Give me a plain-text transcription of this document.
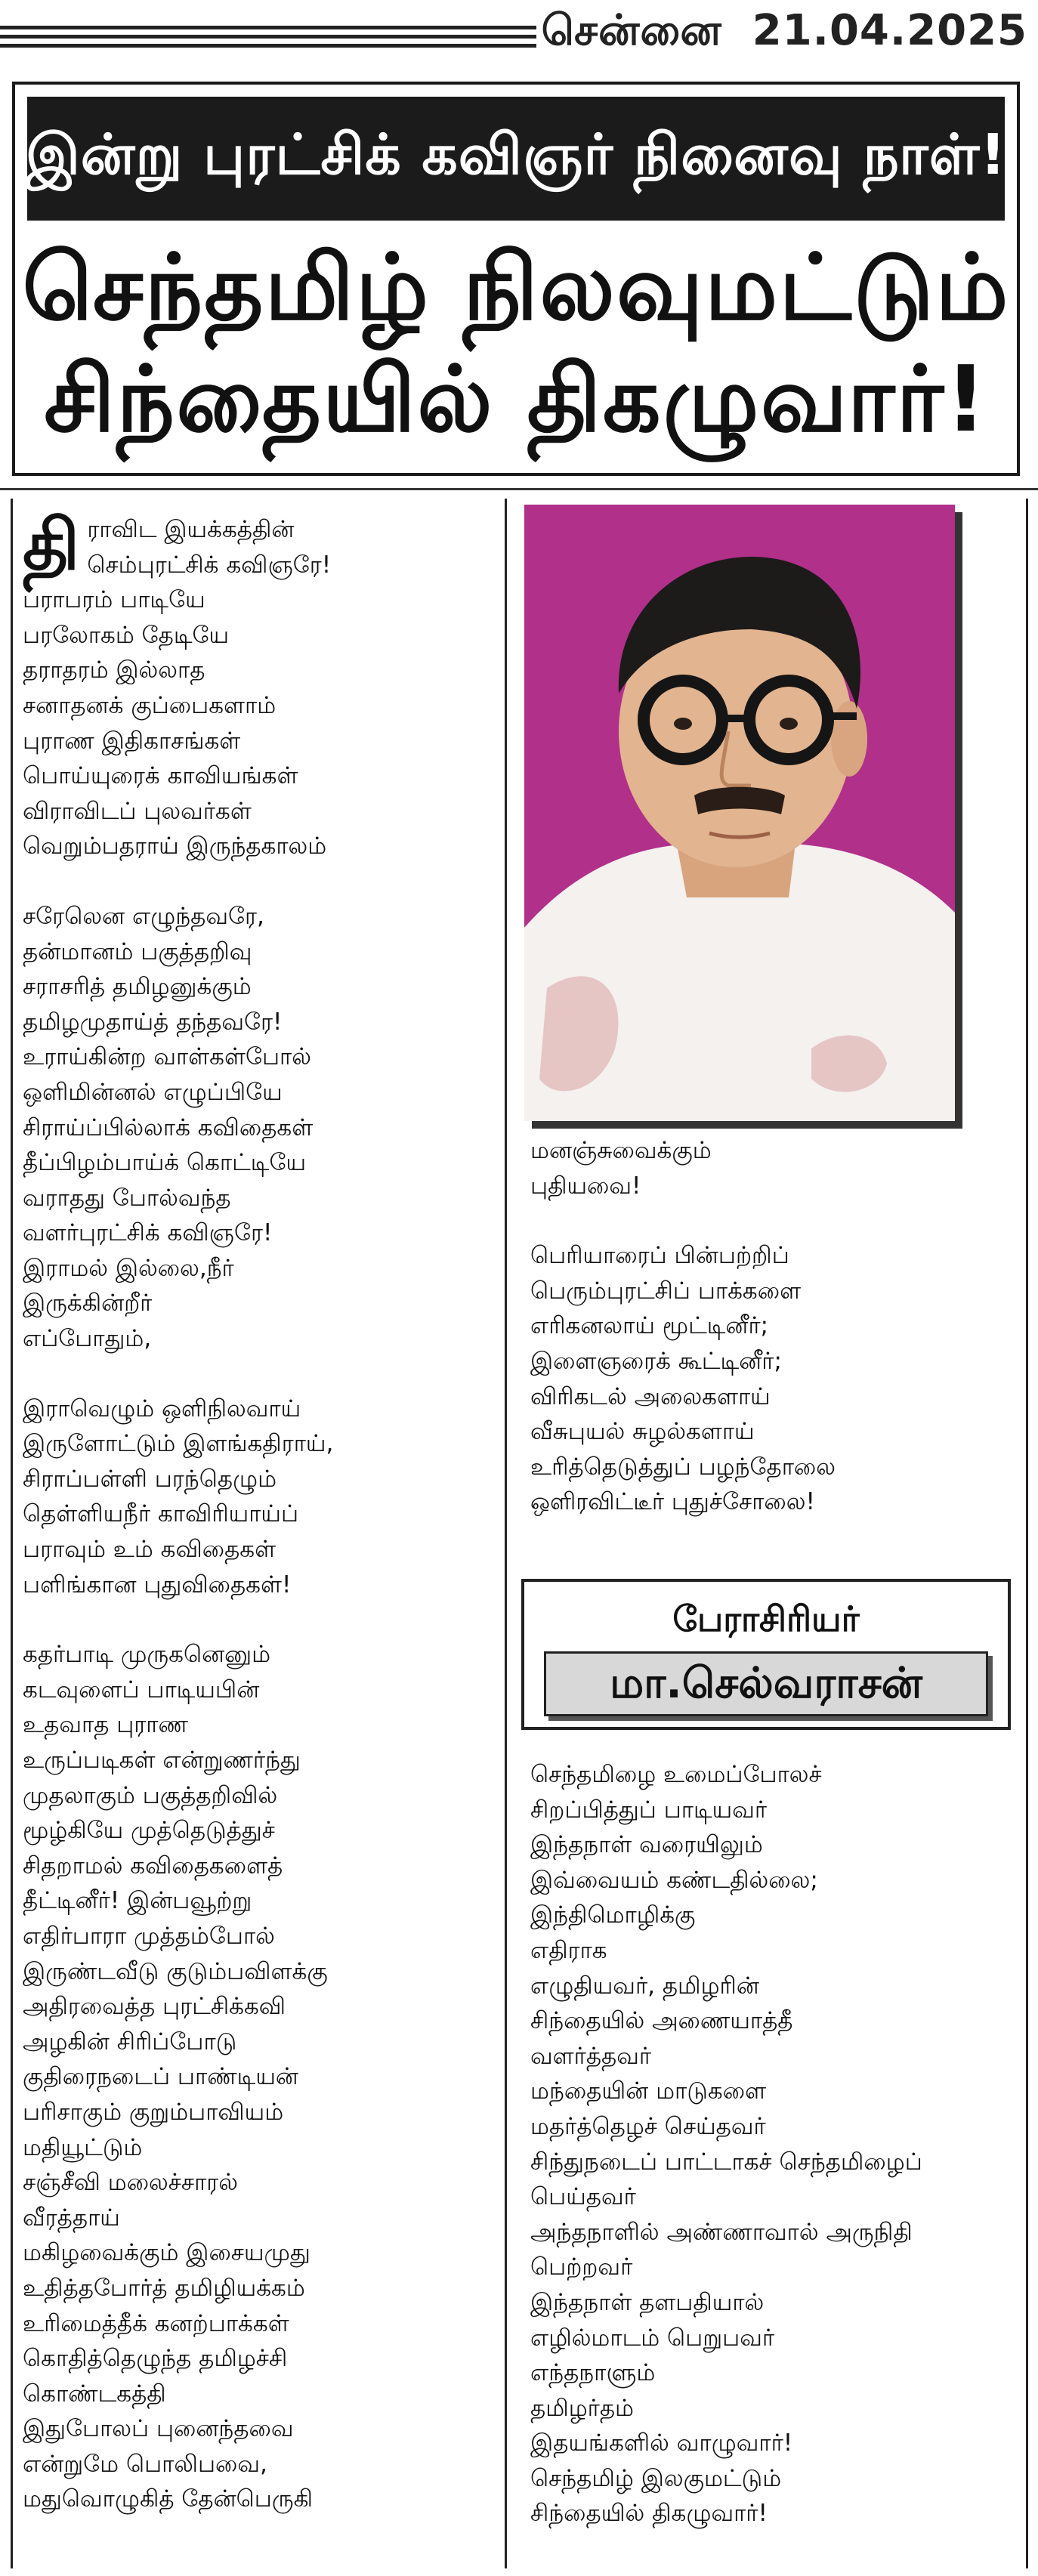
சென்னை 21.04.2025
இன்று புரட்சிக் கவிஞர் நினைவு நாள்!
செந்தமிழ் நிலவுமட்டும்
சிந்தையில் திகழுவார்!
தி ராவிட இயக்கத்தின்
செம்புரட்சிக் கவிஞரே!
பராபரம் பாடியே
பரலோகம் தேடியே
தராதரம் இல்லாத
சனாதனக் குப்பைகளாம்
புராண இதிகாசங்கள்
பொய்யுரைக் காவியங்கள்
விராவிடப் புலவர்கள்
வெறும்பதராய் இருந்தகாலம்
சரேலென எழுந்தவரே,
தன்மானம் பகுத்தறிவு
சராசரித் தமிழனுக்கும்
தமிழமுதாய்த் தந்தவரே!
உராய்கின்ற வாள்கள்போல்
ஒளிமின்னல் எழுப்பியே
சிராய்ப்பில்லாக் கவிதைகள்
தீப்பிழம்பாய்க் கொட்டியே
வராதது போல்வந்த
வளர்புரட்சிக் கவிஞரே!
இராமல் இல்லை,நீர்
இருக்கின்றீர்
எப்போதும்,
இராவெழும் ஒளிநிலவாய்
இருளோட்டும் இளங்கதிராய்,
சிராப்பள்ளி பரந்தெழும்
தெள்ளியநீர் காவிரியாய்ப்
பராவும் உம் கவிதைகள்
பளிங்கான புதுவிதைகள்!
கதர்பாடி முருகனெனும்
கடவுளைப் பாடியபின்
உதவாத புராண
உருப்படிகள் என்றுணர்ந்து
முதலாகும் பகுத்தறிவில்
மூழ்கியே முத்தெடுத்துச்
சிதறாமல் கவிதைகளைத்
தீட்டினீர்! இன்பவூற்று
எதிர்பாரா முத்தம்போல்
இருண்டவீடு குடும்பவிளக்கு
அதிரவைத்த புரட்சிக்கவி
அழகின் சிரிப்போடு
குதிரைநடைப் பாண்டியன்
பரிசாகும் குறும்பாவியம்
மதியூட்டும்
சஞ்சீவி மலைச்சாரல்
வீரத்தாய்
மகிழவைக்கும் இசையமுது
உதித்தபோர்த் தமிழியக்கம்
உரிமைத்தீக் கனற்பாக்கள்
கொதித்தெழுந்த தமிழச்சி
கொண்டகத்தி
இதுபோலப் புனைந்தவை
என்றுமே பொலிபவை,
மதுவொழுகித் தேன்பெருகி
மனஞ்சுவைக்கும்
புதியவை!
பெரியாரைப் பின்பற்றிப்
பெரும்புரட்சிப் பாக்களை
எரிகனலாய் மூட்டினீர்;
இளைஞரைக் கூட்டினீர்;
விரிகடல் அலைகளாய்
வீசுபுயல் சுழல்களாய்
உரித்தெடுத்துப் பழந்தோலை
ஒளிரவிட்டீர் புதுச்சோலை!
பேராசிரியர்
மா.செல்வராசன்
செந்தமிழை உமைப்போலச்
சிறப்பித்துப் பாடியவர்
இந்தநாள் வரையிலும்
இவ்வையம் கண்டதில்லை;
இந்திமொழிக்கு
எதிராக
எழுதியவர், தமிழரின்
சிந்தையில் அணையாத்தீ
வளர்த்தவர்
மந்தையின் மாடுகளை
மதர்த்தெழச் செய்தவர்
சிந்துநடைப் பாட்டாகச் செந்தமிழைப்
பெய்தவர்
அந்தநாளில் அண்ணாவால் அருநிதி
பெற்றவர்
இந்தநாள் தளபதியால்
எழில்மாடம் பெறுபவர்
எந்தநாளும்
தமிழர்தம்
இதயங்களில் வாழுவார்!
செந்தமிழ் இலகுமட்டும்
சிந்தையில் திகழுவார்!
